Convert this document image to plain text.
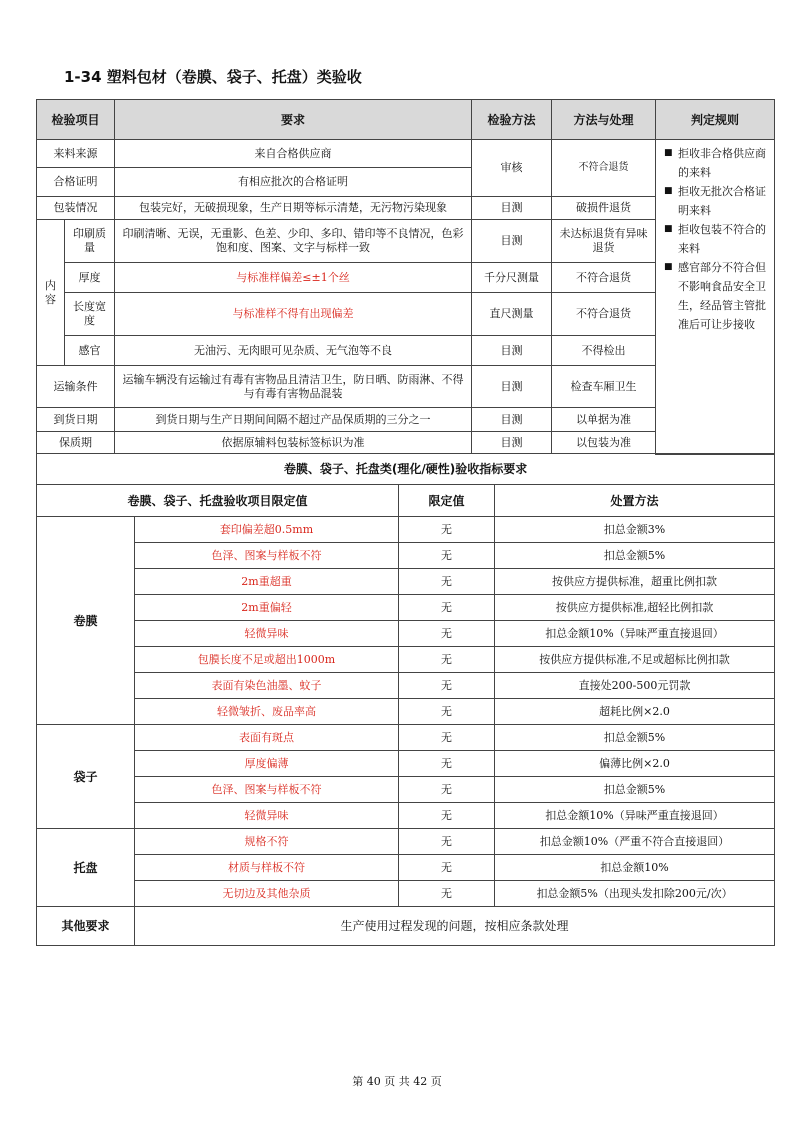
1-34 塑料包材（卷膜、袋子、托盘）类验收
检验项目		要求	检验方法	方法与处理	判定规则
来料来源		来自合格供应商	审核	不符合退货	■ 拒收非合格供应商的来料
■ 拒收无批次合格证明来料
■ 拒收包装不符合的来料
■ 感官部分不符合但不影响食品安全卫生，经品管主管批准后可让步接收

合格证明		有相应批次的合格证明			
包装情况		包装完好，无破损现象，生产日期等标示清楚，无污物污染现象	目测	破损件退货	
内容	印刷质量	印刷清晰、无误，无重影、色差、少印、多印、错印等不良情况，色彩饱和度、图案、文字与标样一致	目测	未达标退货有异味退货	
	厚度	与标准样偏差≤±1个丝	千分尺测量	不符合退货	
	长度宽度	与标准样不得有出现偏差	直尺测量	不符合退货	
	感官	无油污、无肉眼可见杂质、无气泡等不良	目测	不得检出	
运输条件		运输车辆没有运输过有毒有害物品且清洁卫生，防日晒、防雨淋、不得与有毒有害物品混装	目测	检查车厢卫生	
到货日期		到货日期与生产日期间间隔不超过产品保质期的三分之一	目测	以单据为准	
保质期		依据原辅料包装标签标识为准	目测	以包装为准	

卷膜、袋子、托盘类(理化/硬性)验收指标要求			
卷膜、袋子、托盘验收项目限定值		限定值	处置方法
卷膜	套印偏差超0.5mm	无	扣总金额3%
	色泽、图案与样板不符	无	扣总金额5%
	2m重超重	无	按供应方提供标准，超重比例扣款
	2m重偏轻	无	按供应方提供标准,超轻比例扣款
	轻微异味	无	扣总金额10%（异味严重直接退回）
	包膜长度不足或超出1000m	无	按供应方提供标准,不足或超标比例扣款
	表面有染色油墨、蚊子	无	直接处200-500元罚款
	轻微皱折、废品率高	无	超耗比例×2.0
袋子	表面有斑点	无	扣总金额5%
	厚度偏薄	无	偏薄比例×2.0
	色泽、图案与样板不符	无	扣总金额5%
	轻微异味	无	扣总金额10%（异味严重直接退回）
托盘	规格不符	无	扣总金额10%（严重不符合直接退回）
	材质与样板不符	无	扣总金额10%
	无切边及其他杂质	无	扣总金额5%（出现头发扣除200元/次）
其他要求	生产使用过程发现的问题，按相应条款处理		
第 40 页 共 42 页
